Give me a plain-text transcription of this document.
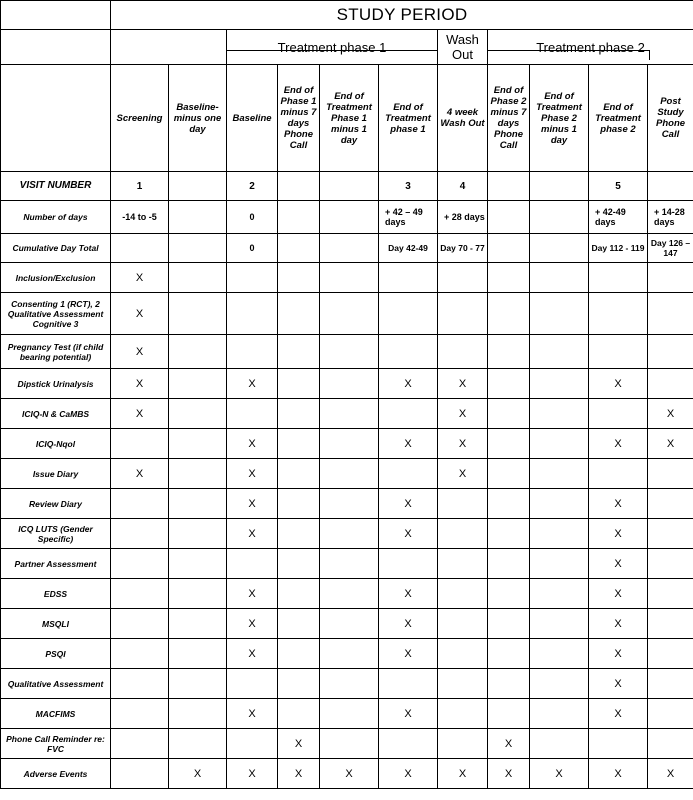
	STUDY PERIOD										
			Treatment phase 1				Wash Out	Treatment phase 2			
	Screening	Baseline-minus one day	Baseline	End of Phase 1 minus 7 days Phone Call	End of Treatment Phase 1 minus 1 day	End of Treatment phase 1	4 week Wash Out	End of Phase 2 minus 7 days Phone Call	End of Treatment Phase 2 minus 1 day	End of Treatment phase 2	Post Study Phone Call
VISIT NUMBER	1		2			3	4			5	
Number of days	-14 to -5		0			+ 42 – 49 days	+ 28 days			+ 42-49 days	+ 14-28 days
Cumulative Day Total			0			Day 42-49	Day 70 - 77			Day 112 - 119	Day 126 – 147
Inclusion/Exclusion	X										
Consenting 1 (RCT), 2 Qualitative Assessment Cognitive 3	X										
Pregnancy Test (if child bearing potential)	X										
Dipstick Urinalysis	X		X			X	X			X	
ICIQ-N & CaMBS	X						X				X
ICIQ-Nqol			X			X	X			X	X
Issue Diary	X		X				X				
Review Diary			X			X				X	
ICQ LUTS (Gender Specific)			X			X				X	
Partner Assessment										X	
EDSS			X			X				X	
MSQLI			X			X				X	
PSQI			X			X				X	
Qualitative Assessment										X	
MACFIMS			X			X				X	
Phone Call Reminder re: FVC				X				X			
Adverse Events		X	X	X	X	X	X	X	X	X	X
